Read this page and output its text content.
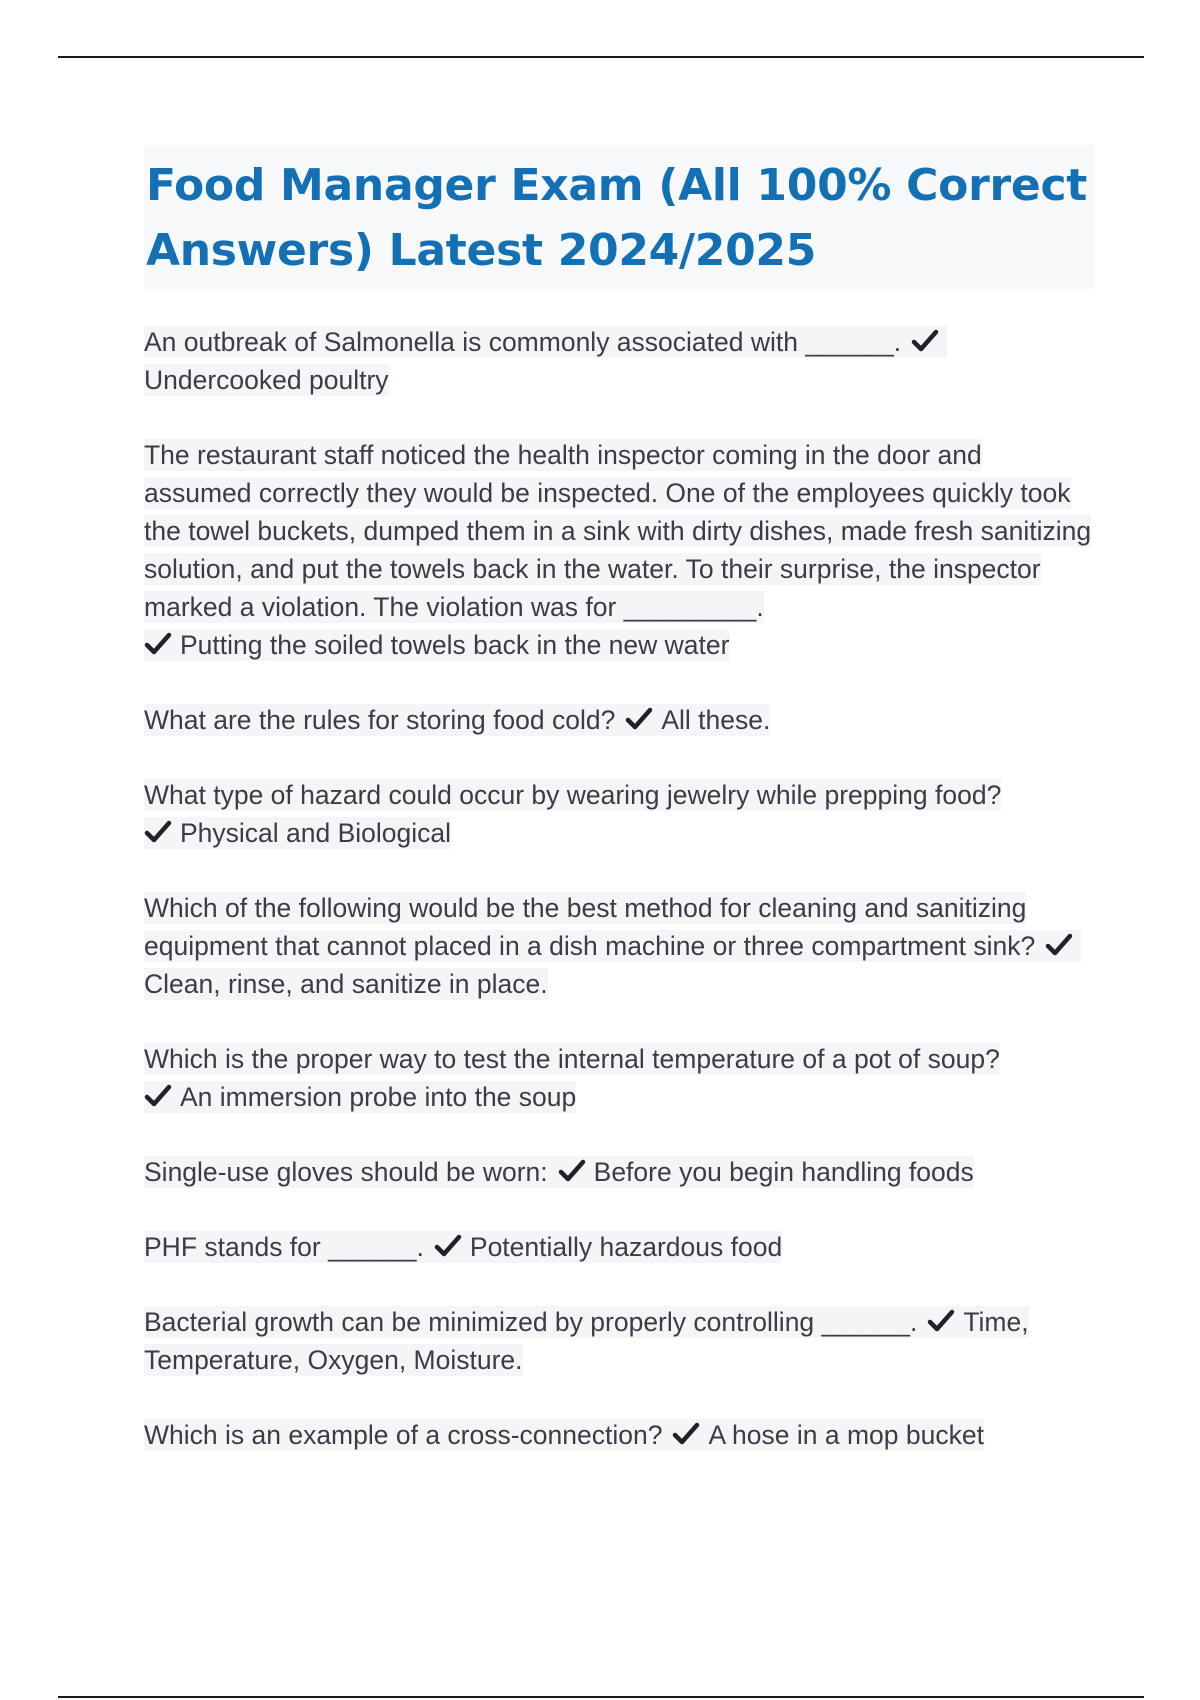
Food Manager Exam (All 100% Correct Answers) Latest 2024/2025

An outbreak of Salmonella is commonly associated with ______.
Undercooked poultry

The restaurant staff noticed the health inspector coming in the door and assumed correctly they would be inspected. One of the employees quickly took the towel buckets, dumped them in a sink with dirty dishes, made fresh sanitizing solution, and put the towels back in the water. To their surprise, the inspector marked a violation. The violation was for _________.
Putting the soiled towels back in the new water

What are the rules for storing food cold? All these.

What type of hazard could occur by wearing jewelry while prepping food?
Physical and Biological

Which of the following would be the best method for cleaning and sanitizing equipment that cannot placed in a dish machine or three compartment sink?Clean, rinse, and sanitize in place.

Which is the proper way to test the internal temperature of a pot of soup?
An immersion probe into the soup

Single-use gloves should be worn: Before you begin handling foods

PHF stands for ______. Potentially hazardous food

Bacterial growth can be minimized by properly controlling ______. Time, Temperature, Oxygen, Moisture.

Which is an example of a cross-connection? A hose in a mop bucket
